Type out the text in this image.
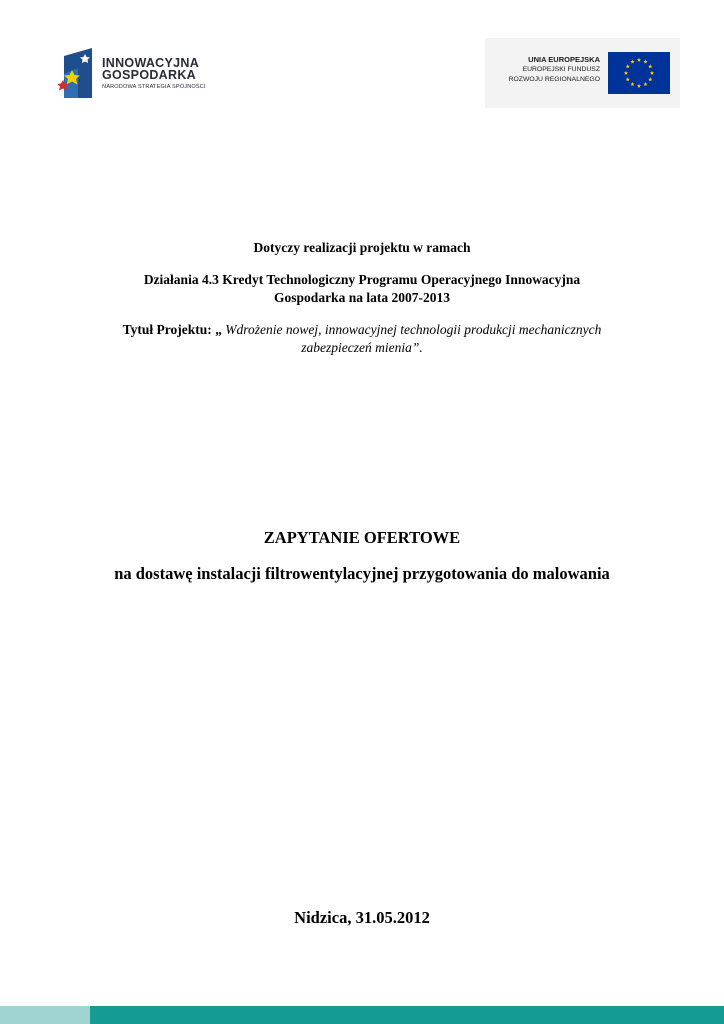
INNOWACYJNA
GOSPODARKA
NARODOWA STRATEGIA SPÓJNOŚCI
UNIA EUROPEJSKA
EUROPEJSKI FUNDUSZ
ROZWOJU REGIONALNEGO
Dotyczy realizacji projektu w ramach
Działania 4.3 Kredyt Technologiczny Programu Operacyjnego Innowacyjna
Gospodarka na lata 2007-2013
Tytuł Projektu: „ Wdrożenie nowej, innowacyjnej technologii produkcji mechanicznych
zabezpieczeń mienia”.
ZAPYTANIE OFERTOWE
na dostawę instalacji filtrowentylacyjnej przygotowania do malowania
Nidzica, 31.05.2012
